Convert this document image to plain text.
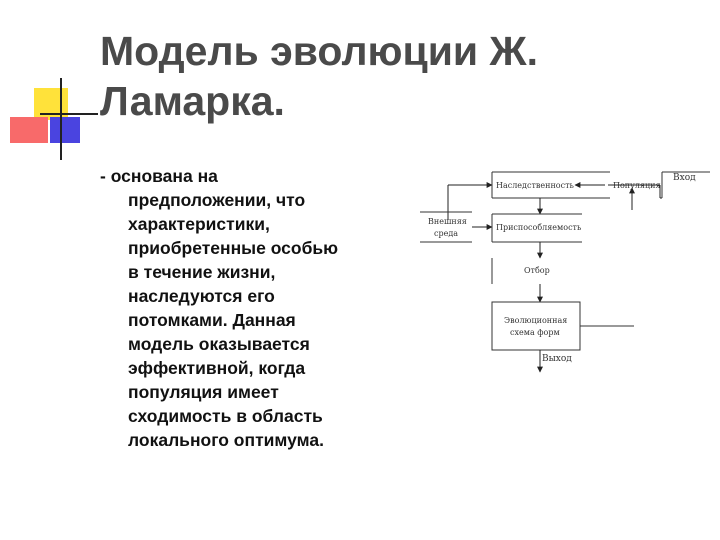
Модель эволюции Ж.
Ламарка.
- основана на
предположении, что
характеристики,
приобретенные особью
в течение жизни,
наследуются его
потомками. Данная
модель оказывается
эффективной, когда
популяция имеет
сходимость в область
локального оптимума.
Наследственность	Популяция
Вход
Внешняя
среда
Приспособляемость
Отбор
Эволюционная
схема форм
Выход
